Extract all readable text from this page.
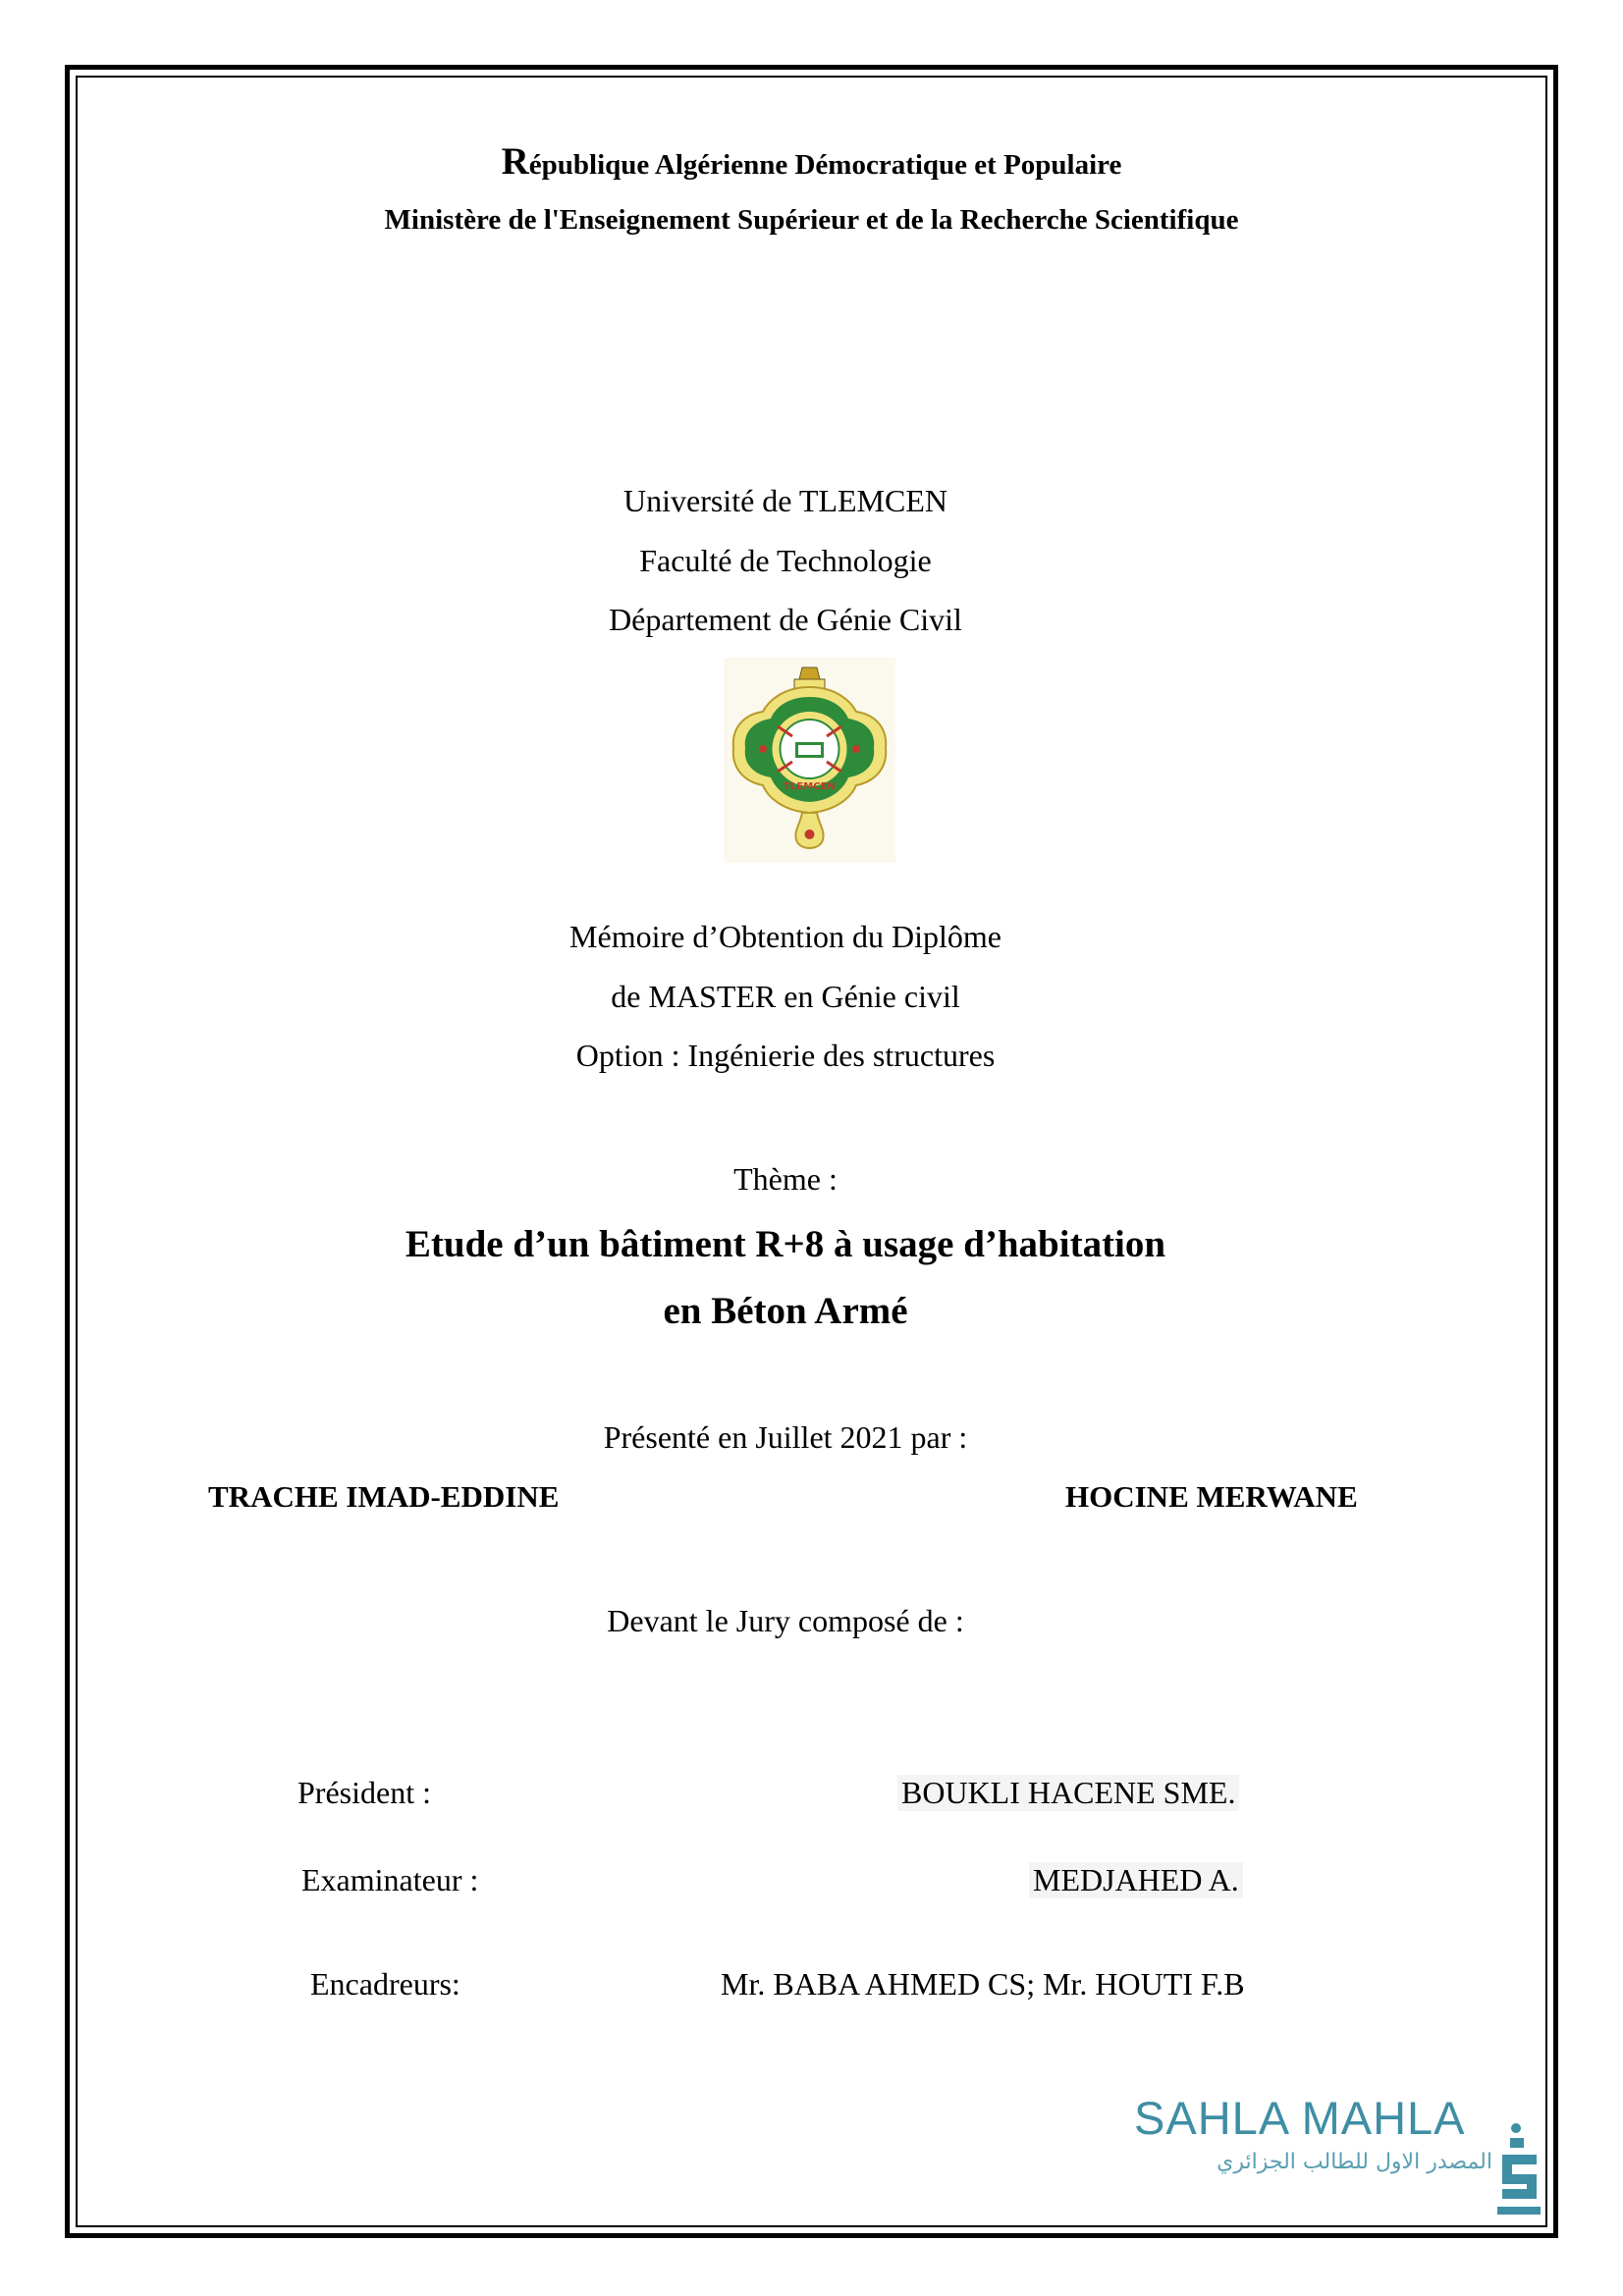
République Algérienne Démocratique et Populaire
Ministère de l'Enseignement Supérieur et de la Recherche Scientifique
Université de TLEMCEN
Faculté de Technologie
Département de Génie Civil
TLEMCEN
Mémoire d’Obtention du Diplôme
de MASTER en Génie civil
Option : Ingénierie des structures
Thème :
Etude d’un bâtiment R+8 à usage d’habitation
en Béton Armé
Présenté en Juillet 2021 par :
TRACHE IMAD-EDDINE	HOCINE MERWANE
Devant le Jury composé de :
Président :	BOUKLI HACENE SME.
Examinateur :	MEDJAHED A.
Encadreurs:	Mr. BABA AHMED CS; Mr. HOUTI F.B
SAHLA MAHLA
المصدر الاول للطالب الجزائري
